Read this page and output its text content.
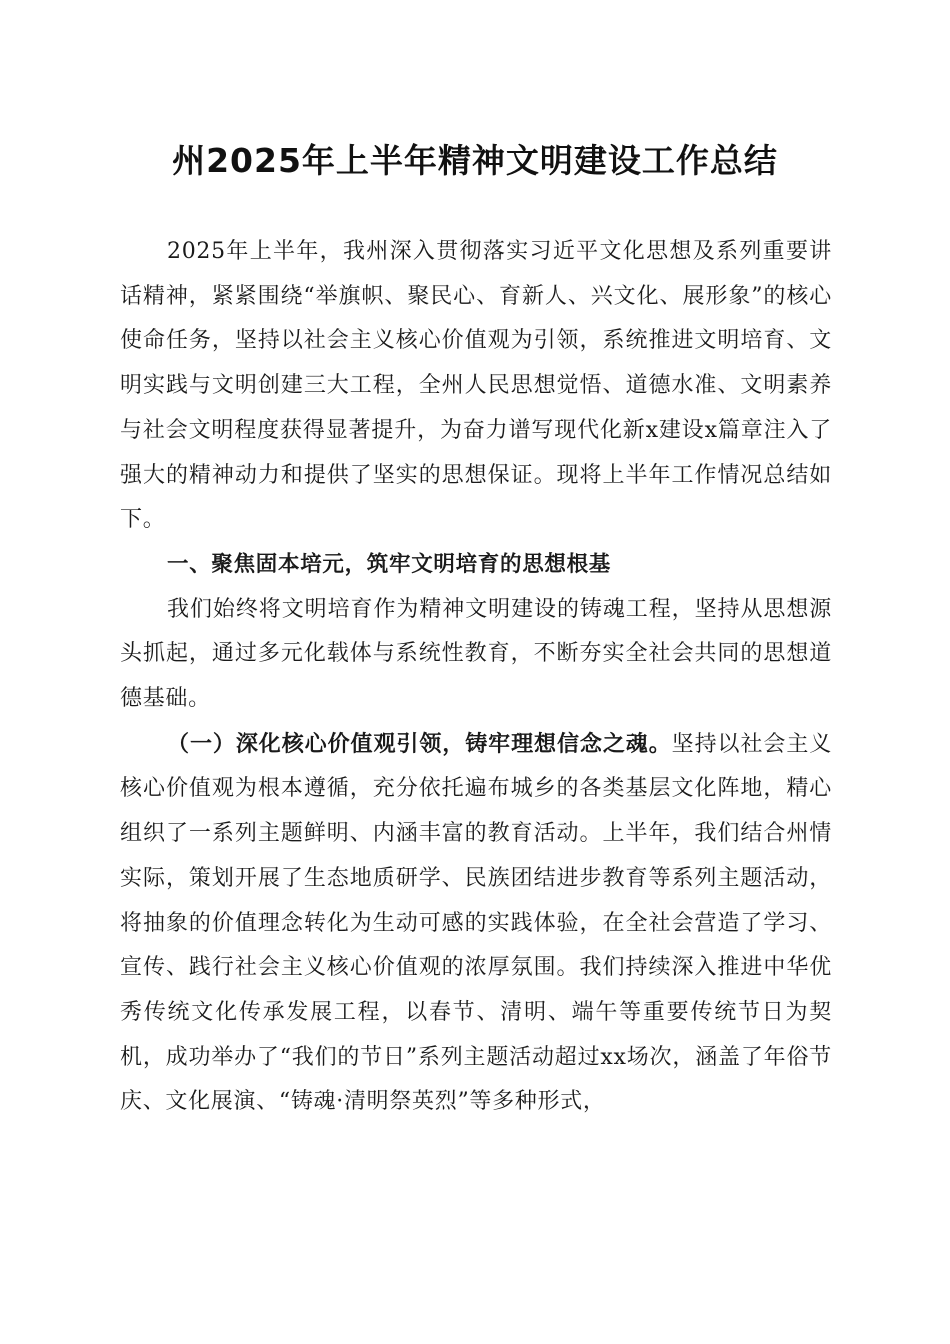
州2025年上半年精神文明建设工作总结

2025年上半年，我州深入贯彻落实习近平文化思想及系列重要讲话精神，紧紧围绕“举旗帜、聚民心、育新人、兴文化、展形象”的核心使命任务，坚持以社会主义核心价值观为引领，系统推进文明培育、文明实践与文明创建三大工程，全州人民思想觉悟、道德水准、文明素养与社会文明程度获得显著提升，为奋力谱写现代化新x建设x篇章注入了强大的精神动力和提供了坚实的思想保证。现将上半年工作情况总结如下。

一、聚焦固本培元，筑牢文明培育的思想根基

我们始终将文明培育作为精神文明建设的铸魂工程，坚持从思想源头抓起，通过多元化载体与系统性教育，不断夯实全社会共同的思想道德基础。

（一）深化核心价值观引领，铸牢理想信念之魂。坚持以社会主义核心价值观为根本遵循，充分依托遍布城乡的各类基层文化阵地，精心组织了一系列主题鲜明、内涵丰富的教育活动。上半年，我们结合州情实际，策划开展了生态地质研学、民族团结进步教育等系列主题活动，将抽象的价值理念转化为生动可感的实践体验，在全社会营造了学习、宣传、践行社会主义核心价值观的浓厚氛围。我们持续深入推进中华优秀传统文化传承发展工程，以春节、清明、端午等重要传统节日为契机，成功举办了“我们的节日”系列主题活动超过xx场次，涵盖了年俗节庆、文化展演、“铸魂·清明祭英烈”等多种形式，
